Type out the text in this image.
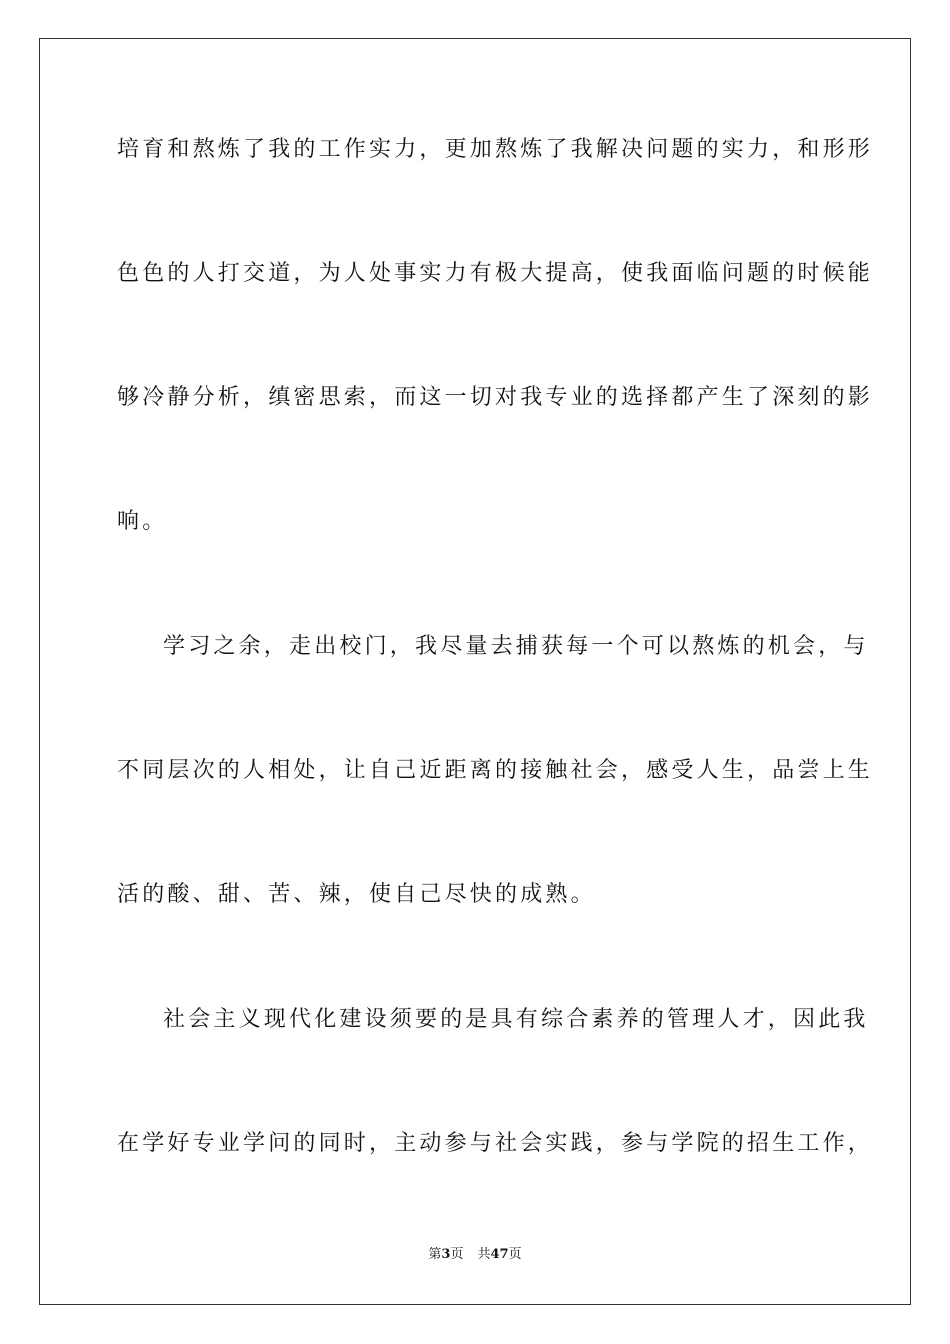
培育和熬炼了我的工作实力，更加熬炼了我解决问题的实力，和形形
色色的人打交道，为人处事实力有极大提高，使我面临问题的时候能
够冷静分析，缜密思索，而这一切对我专业的选择都产生了深刻的影
响。
学习之余，走出校门，我尽量去捕获每一个可以熬炼的机会，与
不同层次的人相处，让自己近距离的接触社会，感受人生，品尝上生
活的酸、甜、苦、辣，使自己尽快的成熟。
社会主义现代化建设须要的是具有综合素养的管理人才，因此我
在学好专业学问的同时，主动参与社会实践，参与学院的招生工作，
第3页 共47页
